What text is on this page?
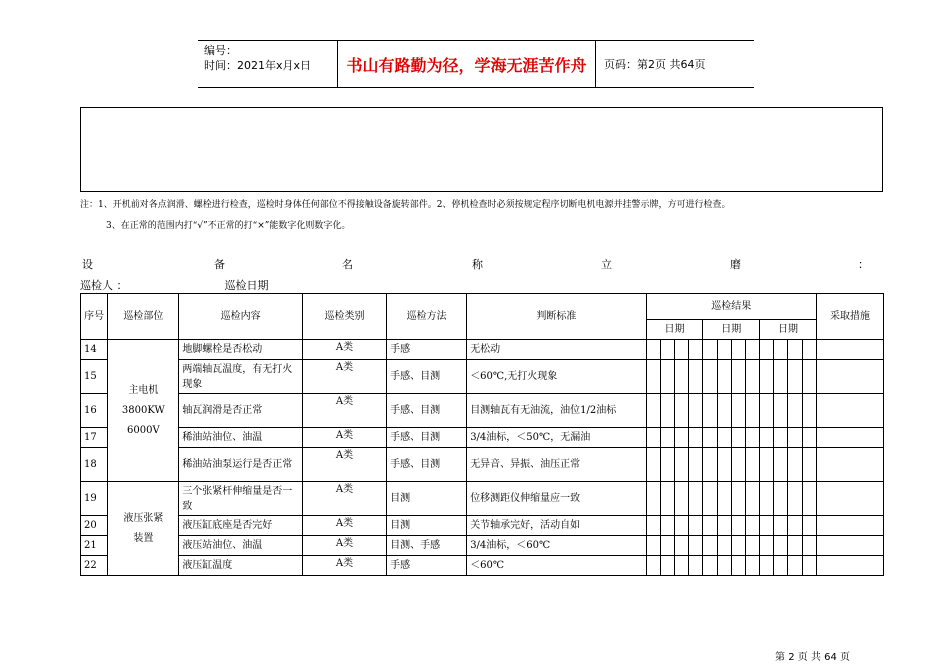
编号：
时间：2021年x月x日	书山有路勤为径，学海无涯苦作舟	页码：第2页 共64页
注：1、开机前对各点润滑、螺栓进行检查，巡检时身体任何部位不得接触设备旋转部件。2、停机检查时必须按规定程序切断电机电源并挂警示牌，方可进行检查。
3、在正常的范围内打“√”不正常的打“×”能数字化则数字化。
设	备	名	称	立	磨	：
巡检人 ：	巡检日期
序号	巡检部位	巡检内容	巡检类别	巡检方法	判断标准	巡检结果												采取措施
						日期				日期				日期				
14	主电机
3800KW
6000V	地脚螺栓是否松动	A类	手感	无松动													
15		两端轴瓦温度，有无打火现象	A类	手感、目测	＜60℃,无打火现象													
16		轴瓦润滑是否正常	A类	手感、目测	目测轴瓦有无油流，油位1/2油标													
17		稀油站油位、油温	A类	手感、目测	3/4油标，＜50℃，无漏油													
18		稀油站油泵运行是否正常	A类	手感、目测	无异音、异振、油压正常													
19	液压张紧
装置	三个张紧杆伸缩量是否一致	A类	目测	位移测距仪伸缩量应一致													
20		液压缸底座是否完好	A类	目测	关节轴承完好，活动自如													
21		液压站油位、油温	A类	目测、手感	3/4油标，＜60℃													
22		液压缸温度	A类	手感	＜60℃													
第 2 页 共 64 页
